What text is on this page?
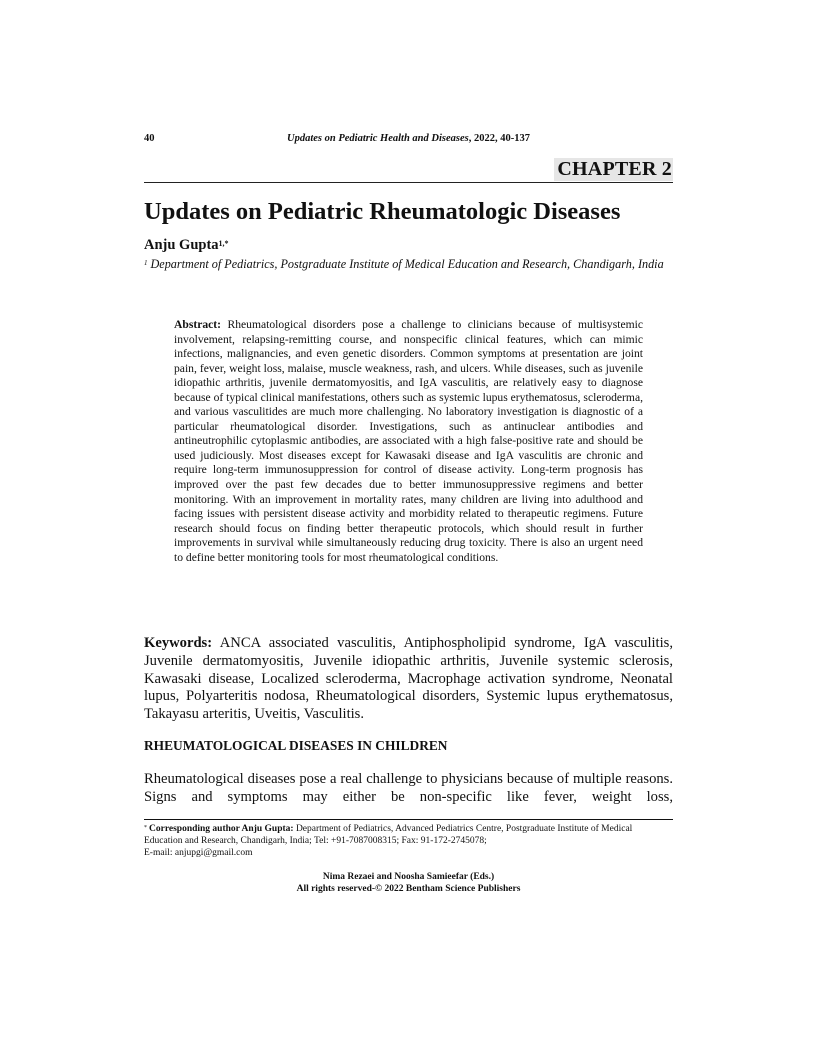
40	Updates on Pediatric Health and Diseases, 2022, 40-137
CHAPTER 2
Updates on Pediatric Rheumatologic Diseases
Anju Gupta$^{1,*}$
$^1$ Department of Pediatrics, Postgraduate Institute of Medical Education and Research, Chandigarh, India
Abstract: Rheumatological disorders pose a challenge to clinicians because of multisystemic involvement, relapsing-remitting course, and nonspecific clinical features, which can mimic infections, malignancies, and even genetic disorders. Common symptoms at presentation are joint pain, fever, weight loss, malaise, muscle weakness, rash, and ulcers. While diseases, such as juvenile idiopathic arthritis, juvenile dermatomyositis, and IgA vasculitis, are relatively easy to diagnose because of typical clinical manifestations, others such as systemic lupus erythematosus, scleroderma, and various vasculitides are much more challenging. No laboratory investigation is diagnostic of a particular rheumatological disorder. Investigations, such as antinuclear antibodies and antineutrophilic cytoplasmic antibodies, are associated with a high false-positive rate and should be used judiciously. Most diseases except for Kawasaki disease and IgA vasculitis are chronic and require long-term immunosuppression for control of disease activity. Long-term prognosis has improved over the past few decades due to better immunosuppressive regimens and better monitoring. With an improvement in mortality rates, many children are living into adulthood and facing issues with persistent disease activity and morbidity related to therapeutic regimens. Future research should focus on finding better therapeutic protocols, which should result in further improvements in survival while simultaneously reducing drug toxicity. There is also an urgent need to define better monitoring tools for most rheumatological conditions.
Keywords: ANCA associated vasculitis, Antiphospholipid syndrome, IgA vasculitis, Juvenile dermatomyositis, Juvenile idiopathic arthritis, Juvenile systemic sclerosis, Kawasaki disease, Localized scleroderma, Macrophage activation syndrome, Neonatal lupus, Polyarteritis nodosa, Rheumatological disorders, Systemic lupus erythematosus, Takayasu arteritis, Uveitis, Vasculitis.
RHEUMATOLOGICAL DISEASES IN CHILDREN
Rheumatological diseases pose a real challenge to physicians because of multiple reasons. Signs and symptoms may either be non-specific like fever, weight loss,
* Corresponding author Anju Gupta: Department of Pediatrics, Advanced Pediatrics Centre, Postgraduate Institute of Medical Education and Research, Chandigarh, India; Tel: +91-7087008315; Fax: 91-172-2745078;
E-mail: anjupgi@gmail.com
Nima Rezaei and Noosha Samieefar (Eds.)
All rights reserved-© 2022 Bentham Science Publishers
